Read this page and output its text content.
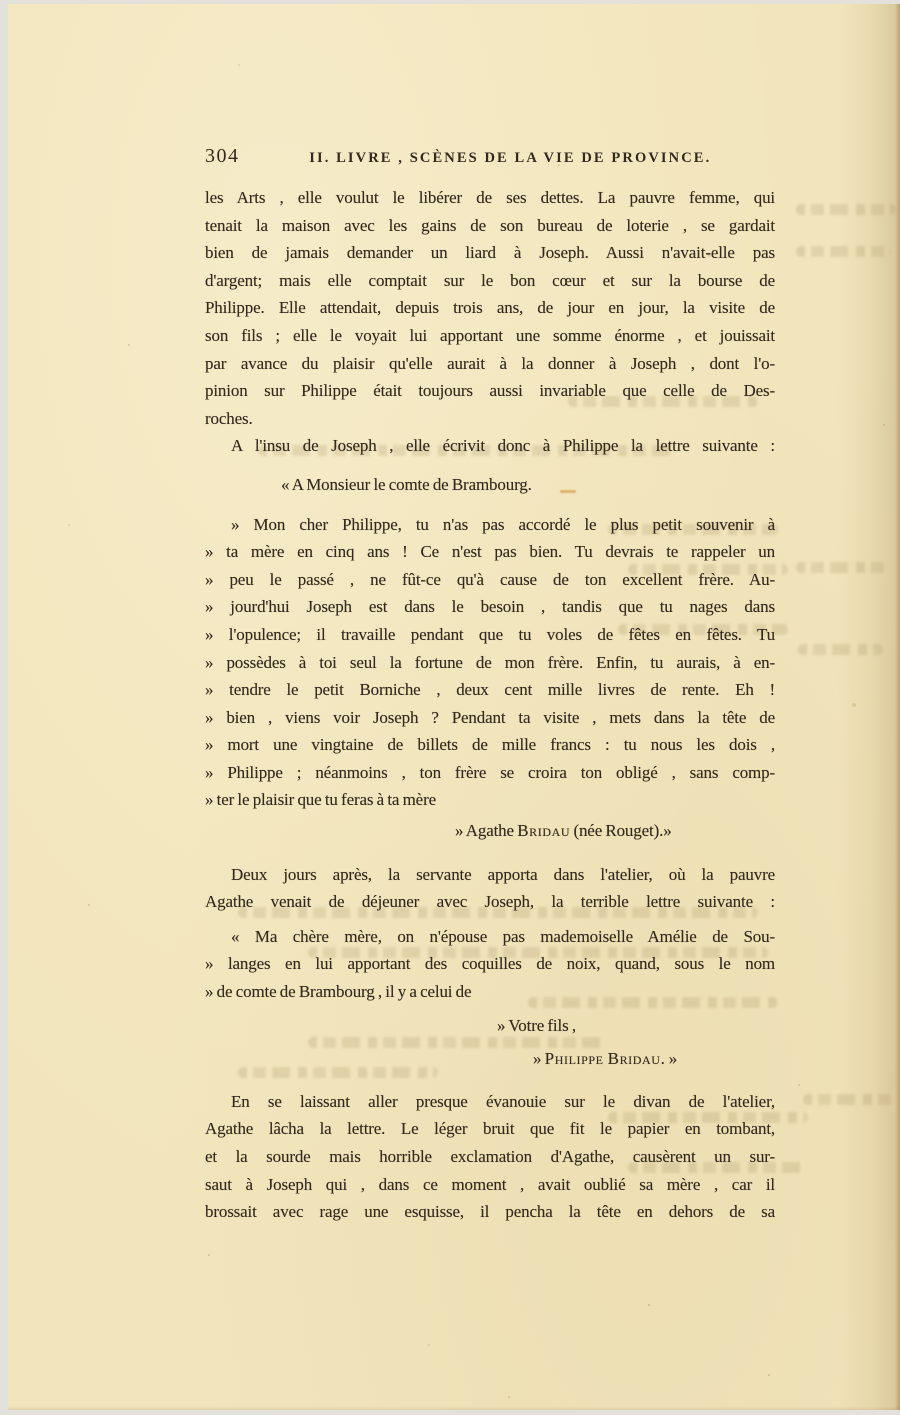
304	II. LIVRE , SCÈNES DE LA VIE DE PROVINCE.
les Arts , elle voulut le libérer de ses dettes. La pauvre femme, qui
tenait la maison avec les gains de son bureau de loterie , se gardait
bien de jamais demander un liard à Joseph. Aussi n'avait-elle pas
d'argent; mais elle comptait sur le bon cœur et sur la bourse de
Philippe. Elle attendait, depuis trois ans, de jour en jour, la visite de
son fils ; elle le voyait lui apportant une somme énorme , et jouissait
par avance du plaisir qu'elle aurait à la donner à Joseph , dont l'o-
pinion sur Philippe était toujours aussi invariable que celle de Des-
roches.
A l'insu de Joseph , elle écrivit donc à Philippe la lettre suivante :
« A Monsieur le comte de Brambourg.
» Mon cher Philippe, tu n'as pas accordé le plus petit souvenir à
» ta mère en cinq ans ! Ce n'est pas bien. Tu devrais te rappeler un
» peu le passé , ne fût-ce qu'à cause de ton excellent frère. Au-
» jourd'hui Joseph est dans le besoin , tandis que tu nages dans
» l'opulence; il travaille pendant que tu voles de fêtes en fêtes. Tu
» possèdes à toi seul la fortune de mon frère. Enfin, tu aurais, à en-
» tendre le petit Borniche , deux cent mille livres de rente. Eh !
» bien , viens voir Joseph ? Pendant ta visite , mets dans la tête de
» mort une vingtaine de billets de mille francs : tu nous les dois ,
» Philippe ; néanmoins , ton frère se croira ton obligé , sans comp-
» ter le plaisir que tu feras à ta mère
» Agathe Bridau (née Rouget).»
Deux jours après, la servante apporta dans l'atelier, où la pauvre
Agathe venait de déjeuner avec Joseph, la terrible lettre suivante :
« Ma chère mère, on n'épouse pas mademoiselle Amélie de Sou-
» langes en lui apportant des coquilles de noix, quand, sous le nom
» de comte de Brambourg , il y a celui de
» Votre fils ,
» Philippe Bridau. »
En se laissant aller presque évanouie sur le divan de l'atelier,
Agathe lâcha la lettre. Le léger bruit que fit le papier en tombant,
et la sourde mais horrible exclamation d'Agathe, causèrent un sur-
saut à Joseph qui , dans ce moment , avait oublié sa mère , car il
brossait avec rage une esquisse, il pencha la tête en dehors de sa
